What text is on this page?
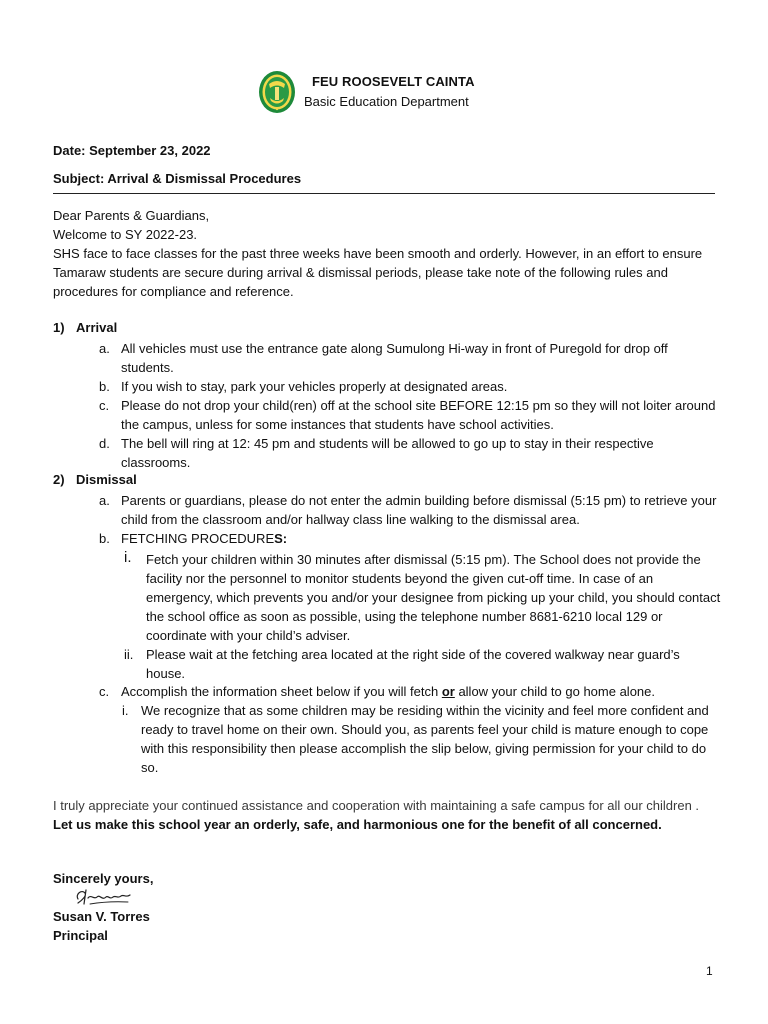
FEU ROOSEVELT CAINTA
Basic Education Department
Date: September 23, 2022
Subject: Arrival & Dismissal Procedures

Dear Parents & Guardians,
Welcome to SY 2022-23.

SHS face to face classes for the past three weeks have been smooth and orderly. However, in an effort to ensure Tamaraw students are secure during arrival & dismissal periods, please take note of the following rules and procedures for compliance and reference.

1) Arrival

a. All vehicles must use the entrance gate along Sumulong Hi-way in front of Puregold for drop off students.

b. If you wish to stay, park your vehicles properly at designated areas.

c. Please do not drop your child(ren) off at the school site BEFORE 12:15 pm so they will not loiter around the campus, unless for some instances that students have school activities.

d. The bell will ring at 12: 45 pm and students will be allowed to go up to stay in their respective classrooms.

2) Dismissal

a. Parents or guardians, please do not enter the admin building before dismissal (5:15 pm) to retrieve your child from the classroom and/or hallway class line walking to the dismissal area.

b. FETCHING PROCEDURES:

i. Fetch your children within 30 minutes after dismissal (5:15 pm). The School does not provide the facility nor the personnel to monitor students beyond the given cut-off time. In case of an emergency, which prevents you and/or your designee from picking up your child, you should contact the school office as soon as possible, using the telephone number 8681-6210 local 129 or coordinate with your child’s adviser.

ii. Please wait at the fetching area located at the right side of the covered walkway near guard’s house.

c. Accomplish the information sheet below if you will fetch or allow your child to go home alone.

i. We recognize that as some children may be residing within the vicinity and feel more confident and ready to travel home on their own. Should you, as parents feel your child is mature enough to cope with this responsibility then please accomplish the slip below, giving permission for your child to do so.

I truly appreciate your continued assistance and cooperation with maintaining a safe campus for all our children . Let us make this school year an orderly, safe, and harmonious one for the benefit of all concerned.

Sincerely yours,
Susan V. Torres
Principal
1
